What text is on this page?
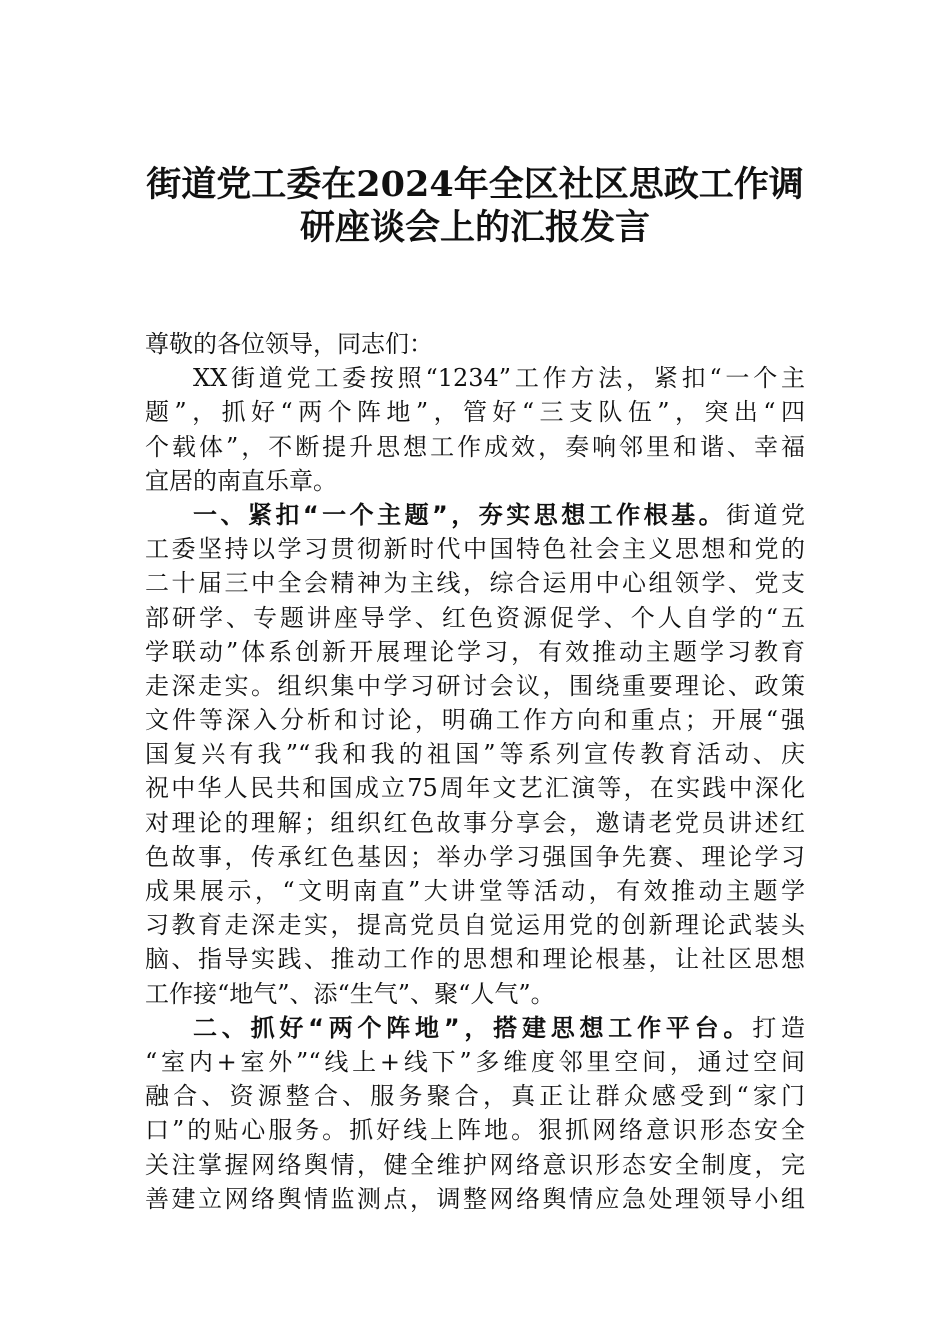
街道党工委在2024年全区社区思政工作调
研座谈会上的汇报发言
尊敬的各位领导，同志们：
XX街道党工委按照“1234”工作方法，紧扣“一个主
题”，抓好“两个阵地”，管好“三支队伍”，突出“四
个载体”，不断提升思想工作成效，奏响邻里和谐、幸福
宜居的南直乐章。
一、紧扣“一个主题”，夯实思想工作根基。街道党
工委坚持以学习贯彻新时代中国特色社会主义思想和党的
二十届三中全会精神为主线，综合运用中心组领学、党支
部研学、专题讲座导学、红色资源促学、个人自学的“五
学联动”体系创新开展理论学习，有效推动主题学习教育
走深走实。组织集中学习研讨会议，围绕重要理论、政策
文件等深入分析和讨论，明确工作方向和重点；开展“强
国复兴有我”“我和我的祖国”等系列宣传教育活动、庆
祝中华人民共和国成立75周年文艺汇演等，在实践中深化
对理论的理解；组织红色故事分享会，邀请老党员讲述红
色故事，传承红色基因；举办学习强国争先赛、理论学习
成果展示，“文明南直”大讲堂等活动，有效推动主题学
习教育走深走实，提高党员自觉运用党的创新理论武装头
脑、指导实践、推动工作的思想和理论根基，让社区思想
工作接“地气”、添“生气”、聚“人气”。
二、抓好“两个阵地”，搭建思想工作平台。打造
“室内+室外”“线上+线下”多维度邻里空间，通过空间
融合、资源整合、服务聚合，真正让群众感受到“家门
口”的贴心服务。抓好线上阵地。狠抓网络意识形态安全
关注掌握网络舆情，健全维护网络意识形态安全制度，完
善建立网络舆情监测点，调整网络舆情应急处理领导小组
